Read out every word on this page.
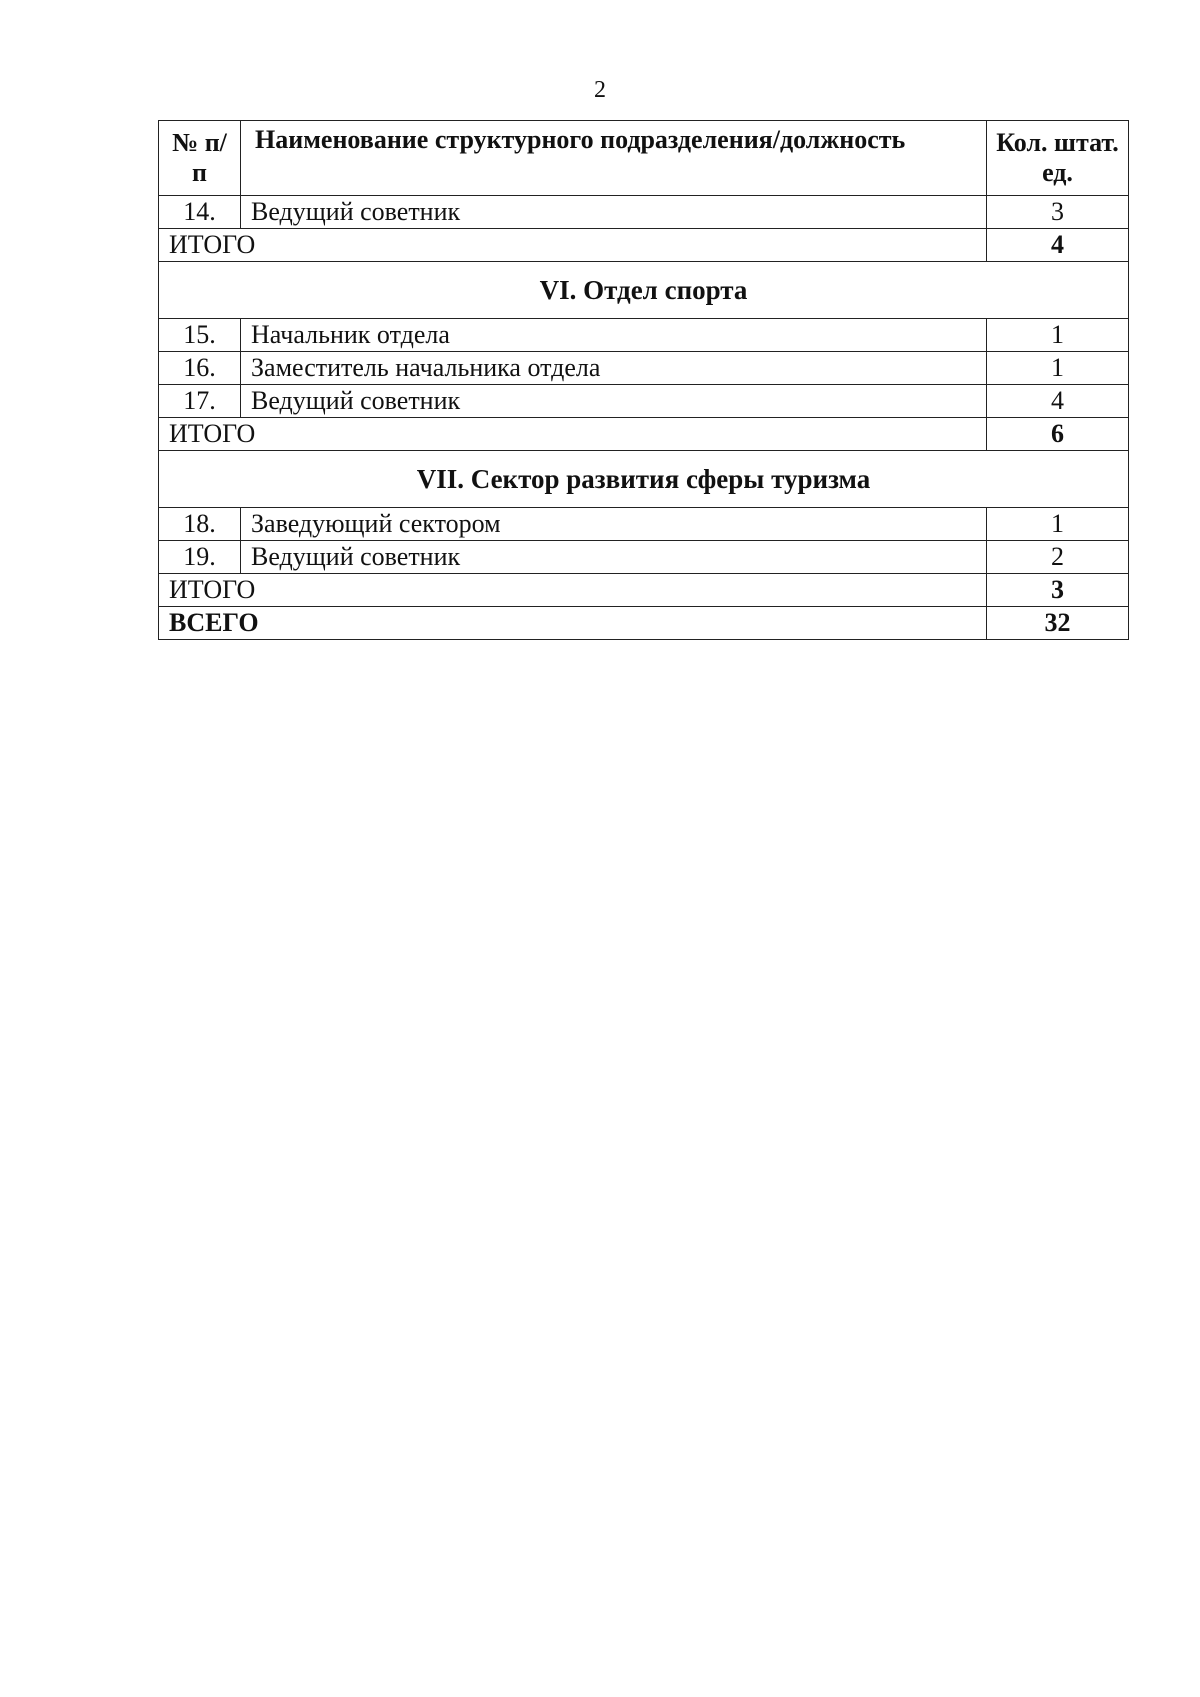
2
№ п/п	Наименование структурного подразделения/должность	Кол. штат. ед.
14.	Ведущий советник	3
ИТОГО		4
VI. Отдел спорта		
15.	Начальник отдела	1
16.	Заместитель начальника отдела	1
17.	Ведущий советник	4
ИТОГО		6
VII. Сектор развития сферы туризма		
18.	Заведующий сектором	1
19.	Ведущий советник	2
ИТОГО		3
ВСЕГО		32
